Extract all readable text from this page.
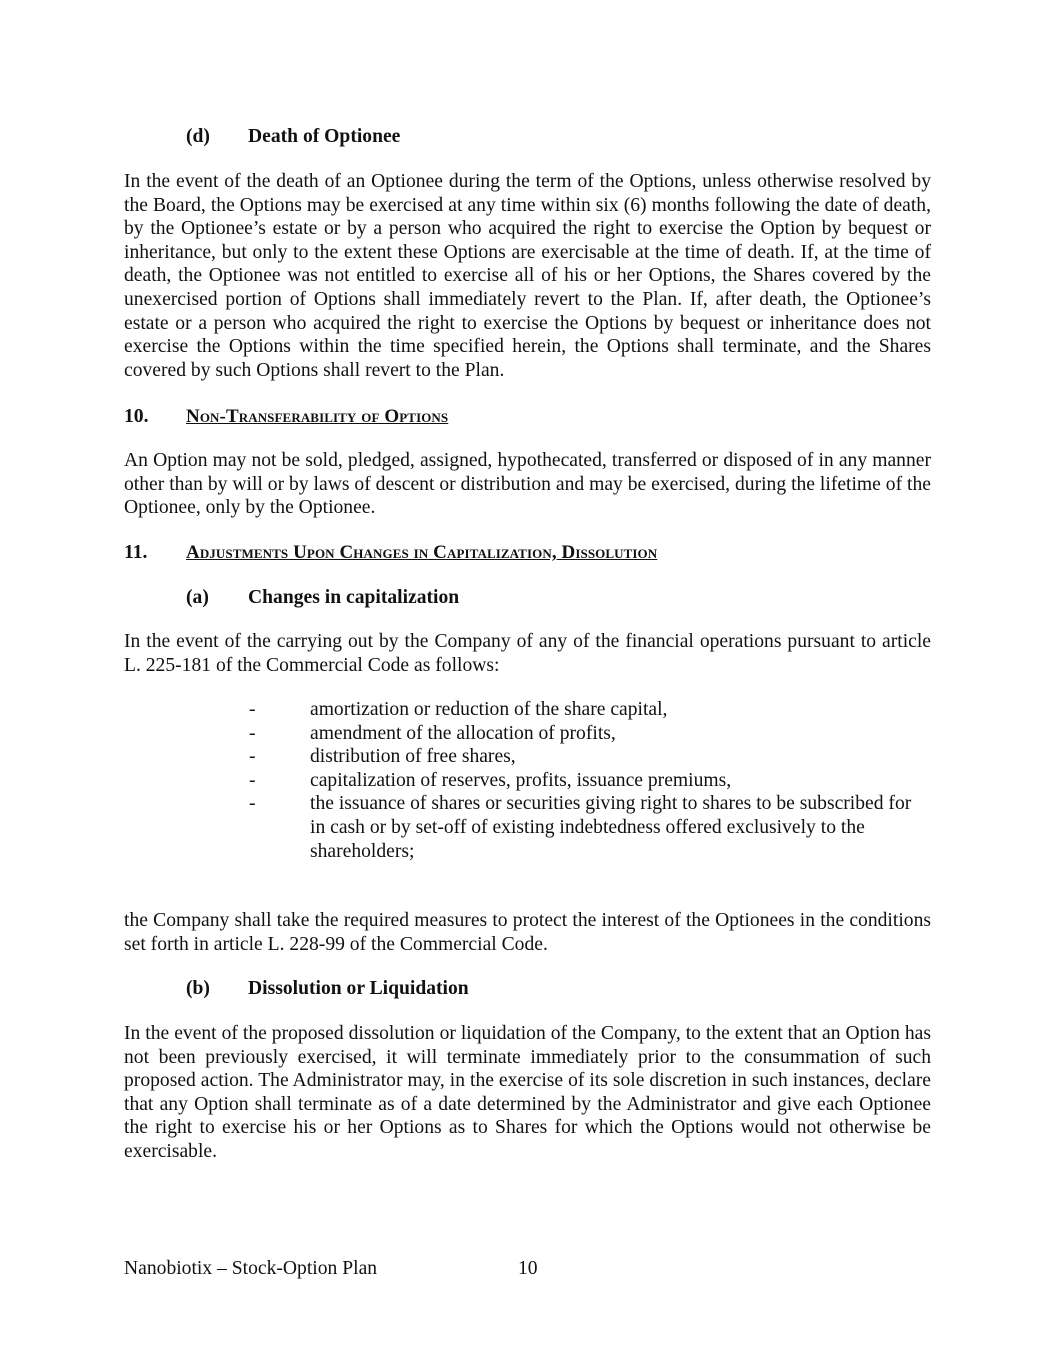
(d) Death of Optionee

In the event of the death of an Optionee during the term of the Options, unless otherwise resolved by the Board, the Options may be exercised at any time within six (6) months following the date of death, by the Optionee’s estate or by a person who acquired the right to exercise the Option by bequest or inheritance, but only to the extent these Options are exercisable at the time of death. If, at the time of death, the Optionee was not entitled to exercise all of his or her Options, the Shares covered by the unexercised portion of Options shall immediately revert to the Plan. If, after death, the Optionee’s estate or a person who acquired the right to exercise the Options by bequest or inheritance does not exercise the Options within the time specified herein, the Options shall terminate, and the Shares covered by such Options shall revert to the Plan.

10. Non-Transferability of Options

An Option may not be sold, pledged, assigned, hypothecated, transferred or disposed of in any manner other than by will or by laws of descent or distribution and may be exercised, during the lifetime of the Optionee, only by the Optionee.

11. Adjustments Upon Changes in Capitalization, Dissolution
(a) Changes in capitalization

In the event of the carrying out by the Company of any of the financial operations pursuant to article L. 225-181 of the Commercial Code as follows:

-	amortization or reduction of the share capital,
-	amendment of the allocation of profits,
-	distribution of free shares,
-	capitalization of reserves, profits, issuance premiums,
-	the issuance of shares or securities giving right to shares to be subscribed for in cash or by set-off of existing indebtedness offered exclusively to the shareholders;

the Company shall take the required measures to protect the interest of the Optionees in the conditions set forth in article L. 228-99 of the Commercial Code.

(b) Dissolution or Liquidation

In the event of the proposed dissolution or liquidation of the Company, to the extent that an Option has not been previously exercised, it will terminate immediately prior to the consummation of such proposed action. The Administrator may, in the exercise of its sole discretion in such instances, declare that any Option shall terminate as of a date determined by the Administrator and give each Optionee the right to exercise his or her Options as to Shares for which the Options would not otherwise be exercisable.

Nanobiotix – Stock-Option Plan	10
